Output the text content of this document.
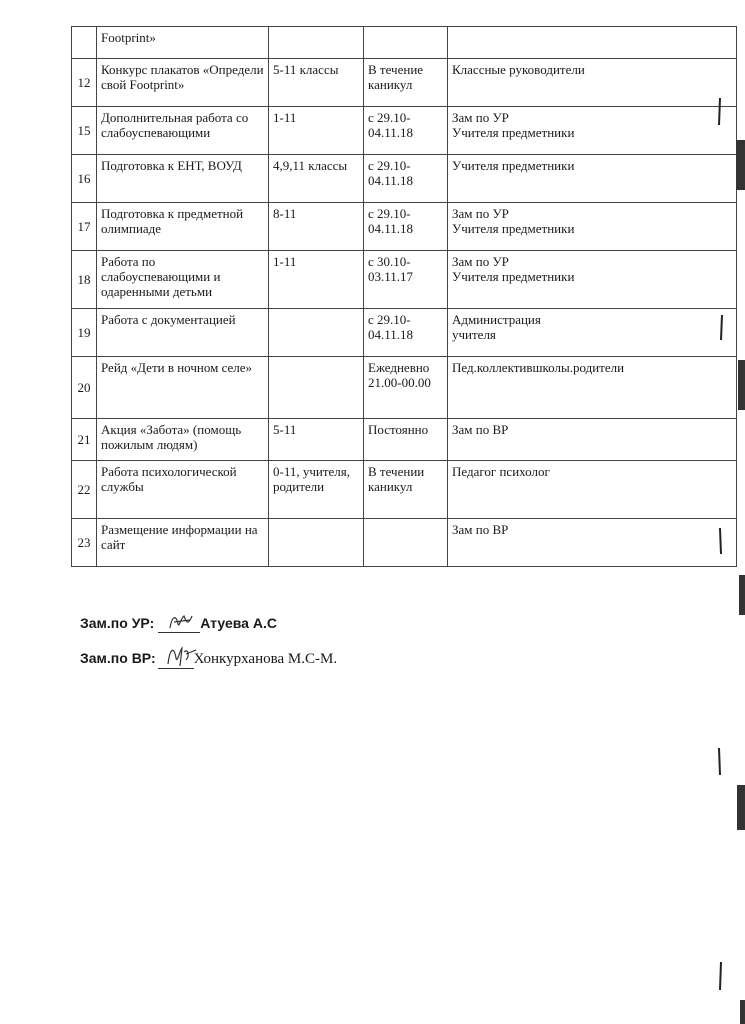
	Footprint»			
12	Конкурс плакатов «Определи свой Footprint»	5-11 классы	В течение каникул	Классные руководители
15	Дополнительная работа со слабоуспевающими	1-11	с 29.10-04.11.18	Зам по УР
Учителя предметники
16	Подготовка к ЕНТ, ВОУД	4,9,11 классы	с 29.10-04.11.18	Учителя предметники
17	Подготовка к предметной олимпиаде	8-11	с 29.10-04.11.18	Зам по УР
Учителя предметники
18	Работа по слабоуспевающими и одаренными детьми	1-11	с 30.10-03.11.17	Зам по УР
Учителя предметники
19	Работа с документацией		с 29.10-04.11.18	Администрация
учителя
20	Рейд «Дети в ночном селе»		Ежедневно 21.00-00.00	Пед.коллектившколы.родители
21	Акция «Забота» (помощь пожилым людям)	5-11	Постоянно	Зам по ВР
22	Работа психологической службы	0-11, учителя, родители	В течении каникул	Педагог психолог
23	Размещение информации на сайт			Зам по ВР
Зам.по УР:	Атуева А.С
Зам.по ВР:	Хонкурханова М.С-М.
